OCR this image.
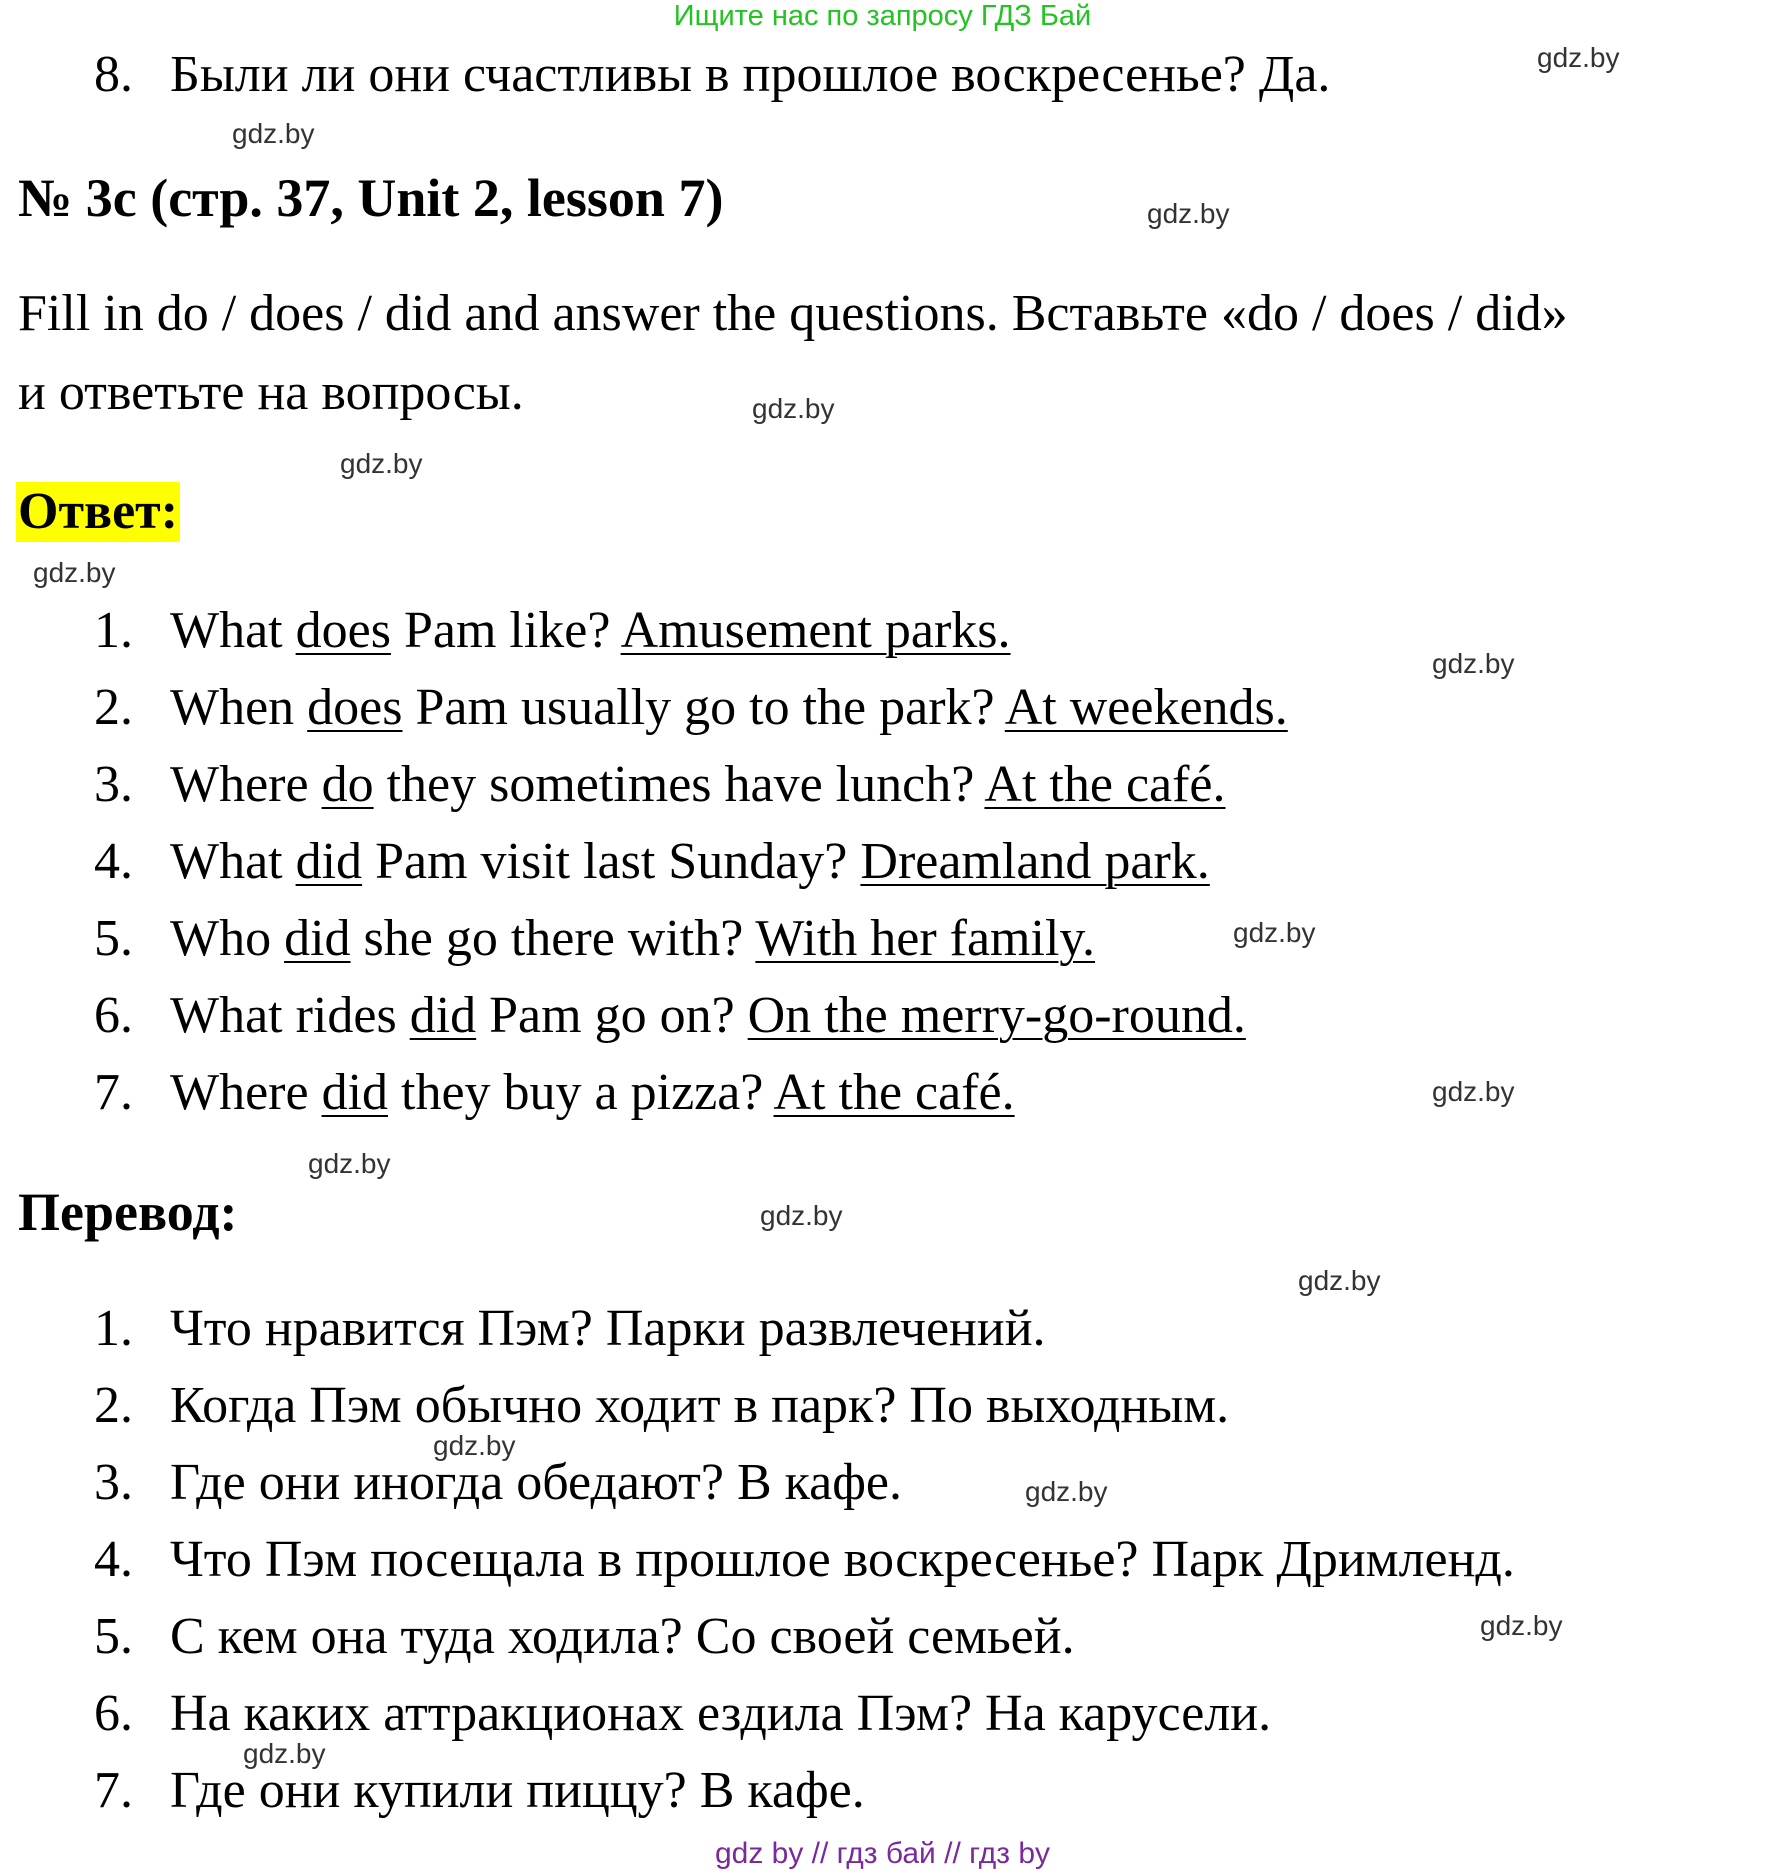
Ищите нас по запросу ГДЗ Бай
8. Были ли они счастливы в прошлое воскресенье? Да.
№ 3c (стр. 37, Unit 2, lesson 7)
Fill in do / does / did and answer the questions. Вставьте «do / does / did»
и ответьте на вопросы.
Ответ:
1. What does Pam like? Amusement parks.
2. When does Pam usually go to the park? At weekends.
3. Where do they sometimes have lunch? At the café.
4. What did Pam visit last Sunday? Dreamland park.
5. Who did she go there with? With her family.
6. What rides did Pam go on? On the merry-go-round.
7. Where did they buy a pizza? At the café.
Перевод:
1. Что нравится Пэм? Парки развлечений.
2. Когда Пэм обычно ходит в парк? По выходным.
3. Где они иногда обедают? В кафе.
4. Что Пэм посещала в прошлое воскресенье? Парк Дримленд.
5. С кем она туда ходила? Со своей семьей.
6. На каких аттракционах ездила Пэм? На карусели.
7. Где они купили пиццу? В кафе.
gdz.by
gdz.by
gdz.by
gdz.by
gdz.by
gdz.by
gdz.by
gdz.by
gdz.by
gdz.by
gdz.by
gdz.by
gdz.by
gdz.by
gdz.by
gdz.by
gdz by // гдз бай // гдз by
